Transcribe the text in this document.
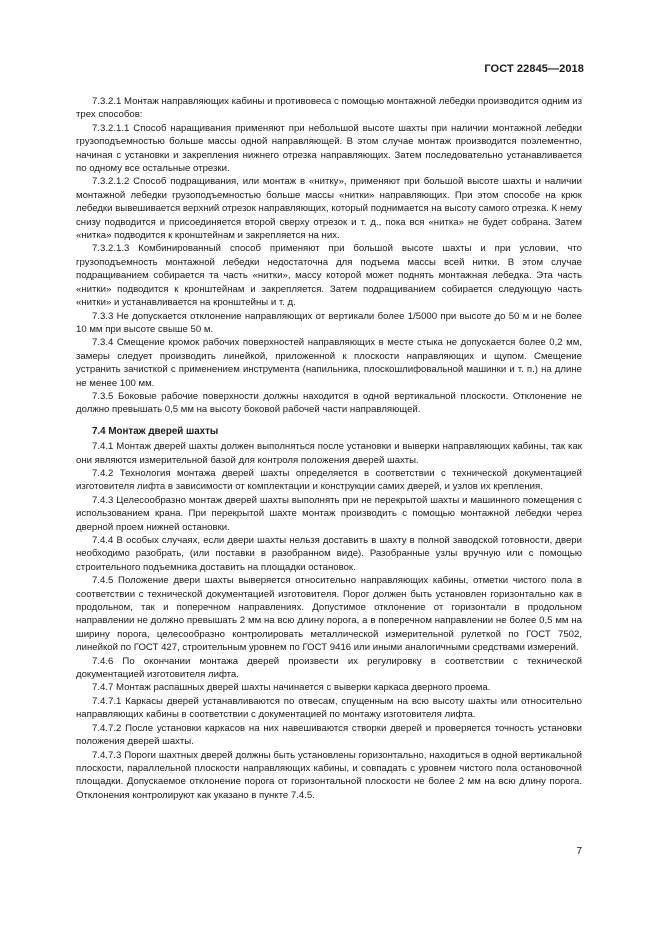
ГОСТ 22845—2018

7.3.2.1 Монтаж направляющих кабины и противовеса с помощью монтажной лебедки производится одним из трех способов:

7.3.2.1.1 Способ наращивания применяют при небольшой высоте шахты при наличии монтажной лебедки грузоподъемностью больше массы одной направляющей. В этом случае монтаж производится поэлементно, начиная с установки и закрепления нижнего отрезка направляющих. Затем последовательно устанавливается по одному все остальные отрезки.

7.3.2.1.2 Способ подращивания, или монтаж в «нитку», применяют при большой высоте шахты и наличии монтажной лебедки грузоподъемностью больше массы «нитки» направляющих. При этом способе на крюк лебедки вывешивается верхний отрезок направляющих, который поднимается на высоту самого отрезка. К нему снизу подводится и присоединяется второй сверху отрезок и т. д., пока вся «нитка» не будет собрана. Затем «нитка» подводится к кронштейнам и закрепляется на них.

7.3.2.1.3 Комбинированный способ применяют при большой высоте шахты и при условии, что грузоподъемность монтажной лебедки недостаточна для подъема массы всей нитки. В этом случае подращиванием собирается та часть «нитки», массу которой может поднять монтажная лебедка. Эта часть «нитки» подводится к кронштейнам и закрепляется. Затем подращиванием собирается следующую часть «нитки» и устанавливается на кронштейны и т. д.

7.3.3 Не допускается отклонение направляющих от вертикали более 1/5000 при высоте до 50 м и не более 10 мм при высоте свыше 50 м.

7.3.4 Смещение кромок рабочих поверхностей направляющих в месте стыка не допускается более 0,2 мм, замеры следует производить линейкой, приложенной к плоскости направляющих и щупом. Смещение устранить зачисткой с применением инструмента (напильника, плоскошлифовальной машинки и т. п.) на длине не менее 100 мм.

7.3.5 Боковые рабочие поверхности должны находится в одной вертикальной плоскости. Отклонение не должно превышать 0,5 мм на высоту боковой рабочей части направляющей.

7.4 Монтаж дверей шахты

7.4.1 Монтаж дверей шахты должен выполняться после установки и выверки направляющих кабины, так как они являются измерительной базой для контроля положения дверей шахты.

7.4.2 Технология монтажа дверей шахты определяется в соответствии с технической документацией изготовителя лифта в зависимости от комплектации и конструкции самих дверей, и узлов их крепления.

7.4.3 Целесообразно монтаж дверей шахты выполнять при не перекрытой шахты и машинного помещения с использованием крана. При перекрытой шахте монтаж производить с помощью монтажной лебедки через дверной проем нижней остановки.

7.4.4 В особых случаях, если двери шахты нельзя доставить в шахту в полной заводской готовности, двери необходимо разобрать, (или поставки в разобранном виде). Разобранные узлы вручную или с помощью строительного подъемника доставить на площадки остановок.

7.4.5 Положение двери шахты выверяется относительно направляющих кабины, отметки чистого пола в соответствии с технической документацией изготовителя. Порог должен быть установлен горизонтально как в продольном, так и поперечном направлениях. Допустимое отклонение от горизонтали в продольном направлении не должно превышать 2 мм на всю длину порога, а в поперечном направлении не более 0,5 мм на ширину порога, целесообразно контролировать металлической измерительной рулеткой по ГОСТ 7502, линейкой по ГОСТ 427, строительным уровнем по ГОСТ 9416 или иными аналогичными средствами измерений.

7.4.6 По окончании монтажа дверей произвести их регулировку в соответствии с технической документацией изготовителя лифта.

7.4.7 Монтаж распашных дверей шахты начинается с выверки каркаса дверного проема.

7.4.7.1 Каркасы дверей устанавливаются по отвесам, спущенным на всю высоту шахты или относительно направляющих кабины в соответствии с документацией по монтажу изготовителя лифта.

7.4.7.2 После установки каркасов на них навешиваются створки дверей и проверяется точность установки положения дверей шахты.

7.4.7.3 Пороги шахтных дверей должны быть установлены горизонтально, находиться в одной вертикальной плоскости, параллельной плоскости направляющих кабины, и совпадать с уровнем чистого пола остановочной площадки. Допускаемое отклонение порога от горизонтальной плоскости не более 2 мм на всю длину порога. Отклонения контролируют как указано в пункте 7.4.5.

7
